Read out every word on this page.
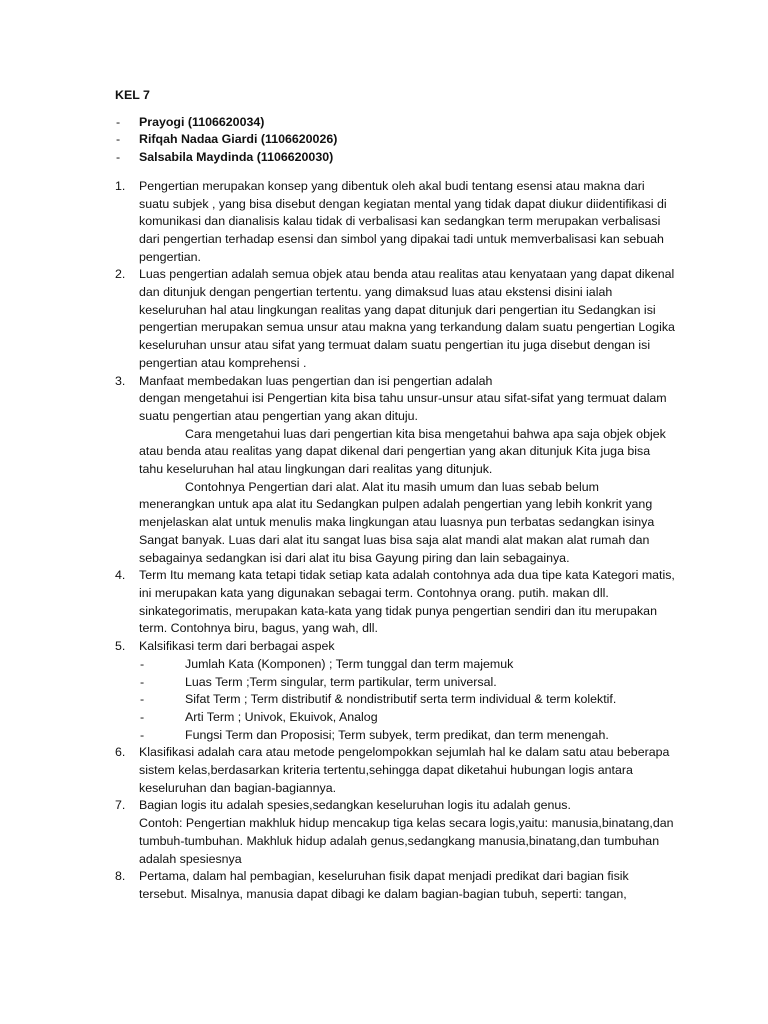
KEL 7
- Prayogi (1106620034)
- Rifqah Nadaa Giardi (1106620026)
- Salsabila Maydinda (1106620030)
1. Pengertian merupakan konsep yang dibentuk oleh akal budi tentang esensi atau makna dari suatu subjek , yang bisa disebut dengan kegiatan mental yang tidak dapat diukur diidentifikasi di komunikasi dan dianalisis kalau tidak di verbalisasi kan sedangkan term merupakan verbalisasi dari pengertian terhadap esensi dan simbol yang dipakai tadi untuk memverbalisasi kan sebuah pengertian.

2. Luas pengertian adalah semua objek atau benda atau realitas atau kenyataan yang dapat dikenal dan ditunjuk dengan pengertian tertentu. yang dimaksud luas atau ekstensi disini ialah keseluruhan hal atau lingkungan realitas yang dapat ditunjuk dari pengertian itu Sedangkan isi pengertian merupakan semua unsur atau makna yang terkandung dalam suatu pengertian Logika keseluruhan unsur atau sifat yang termuat dalam suatu pengertian itu juga disebut dengan isi pengertian atau komprehensi .

3. Manfaat membedakan luas pengertian dan isi pengertian adalah

dengan mengetahui isi Pengertian kita bisa tahu unsur-unsur atau sifat-sifat yang termuat dalam suatu pengertian atau pengertian yang akan dituju.

Cara mengetahui luas dari pengertian kita bisa mengetahui bahwa apa saja objek objek atau benda atau realitas yang dapat dikenal dari pengertian yang akan ditunjuk Kita juga bisa tahu keseluruhan hal atau lingkungan dari realitas yang ditunjuk.

Contohnya Pengertian dari alat. Alat itu masih umum dan luas sebab belum menerangkan untuk apa alat itu Sedangkan pulpen adalah pengertian yang lebih konkrit yang menjelaskan alat untuk menulis maka lingkungan atau luasnya pun terbatas sedangkan isinya Sangat banyak. Luas dari alat itu sangat luas bisa saja alat mandi alat makan alat rumah dan sebagainya sedangkan isi dari alat itu bisa Gayung piring dan lain sebagainya.

4. Term Itu memang kata tetapi tidak setiap kata adalah contohnya ada dua tipe kata Kategori matis, ini merupakan kata yang digunakan sebagai term. Contohnya orang. putih. makan dll.

sinkategorimatis, merupakan kata-kata yang tidak punya pengertian sendiri dan itu merupakan term. Contohnya biru, bagus, yang wah, dll.

5. Kalsifikasi term dari berbagai aspek

-	Jumlah Kata (Komponen) ; Term tunggal dan term majemuk
-	Luas Term ;Term singular, term partikular, term universal.
-	Sifat Term ; Term distributif & nondistributif serta term individual & term kolektif.
-	Arti Term ; Univok, Ekuivok, Analog
-	Fungsi Term dan Proposisi; Term subyek, term predikat, dan term menengah.
6. Klasifikasi adalah cara atau metode pengelompokkan sejumlah hal ke dalam satu atau beberapa sistem kelas,berdasarkan kriteria tertentu,sehingga dapat diketahui hubungan logis antara keseluruhan dan bagian-bagiannya.

7. Bagian logis itu adalah spesies,sedangkan keseluruhan logis itu adalah genus.

Contoh: Pengertian makhluk hidup mencakup tiga kelas secara logis,yaitu: manusia,binatang,dan tumbuh-tumbuhan. Makhluk hidup adalah genus,sedangkang manusia,binatang,dan tumbuhan adalah spesiesnya

8. Pertama, dalam hal pembagian, keseluruhan fisik dapat menjadi predikat dari bagian fisik tersebut. Misalnya, manusia dapat dibagi ke dalam bagian-bagian tubuh, seperti: tangan,
